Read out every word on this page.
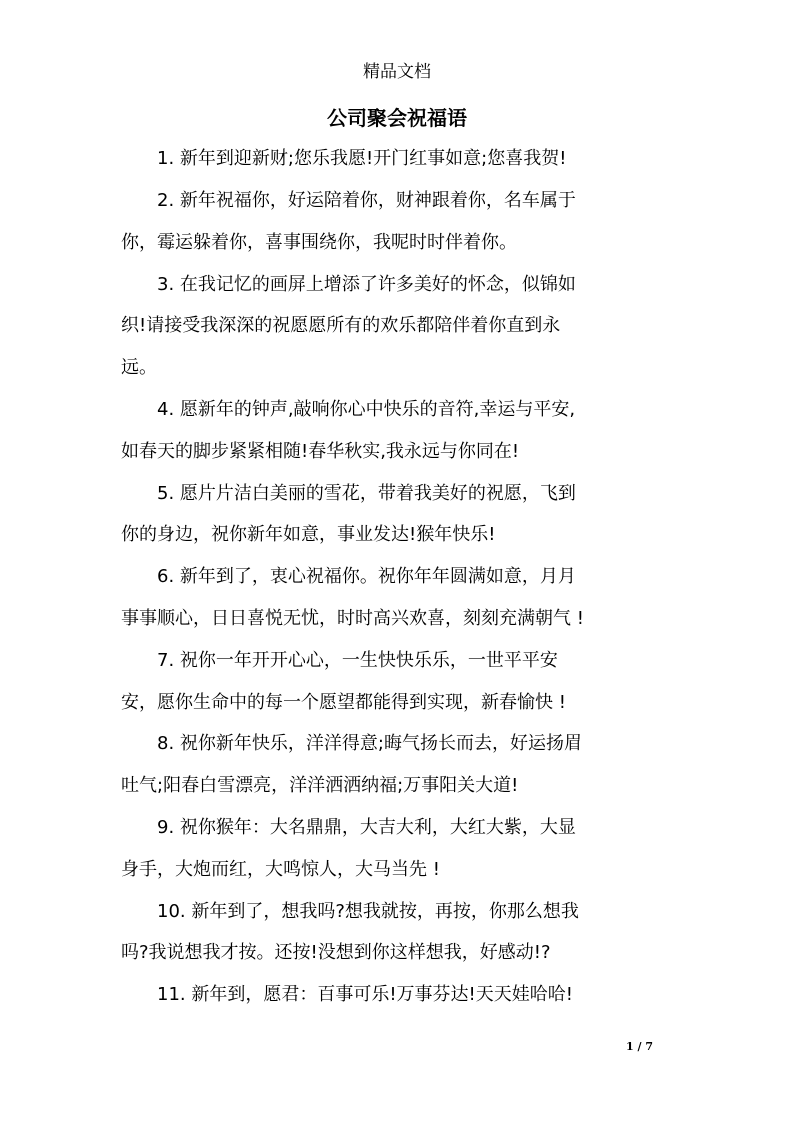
精品文档
公司聚会祝福语
　　1. 新年到迎新财;您乐我愿!开门红事如意;您喜我贺!
　　2. 新年祝福你，好运陪着你，财神跟着你，名车属于
你，霉运躲着你，喜事围绕你，我呢时时伴着你。
　　3. 在我记忆的画屏上增添了许多美好的怀念，似锦如
织!请接受我深深的祝愿愿所有的欢乐都陪伴着你直到永
远。
　　4. 愿新年的钟声,敲响你心中快乐的音符,幸运与平安,
如春天的脚步紧紧相随!春华秋实,我永远与你同在!
　　5. 愿片片洁白美丽的雪花，带着我美好的祝愿，飞到
你的身边，祝你新年如意，事业发达!猴年快乐!
　　6. 新年到了，衷心祝福你。祝你年年圆满如意，月月
事事顺心，日日喜悦无忧，时时高兴欢喜，刻刻充满朝气 !
　　7. 祝你一年开开心心，一生快快乐乐，一世平平安
安，愿你生命中的每一个愿望都能得到实现，新春愉快 !
　　8. 祝你新年快乐，洋洋得意;晦气扬长而去，好运扬眉
吐气;阳春白雪漂亮，洋洋洒洒纳福;万事阳关大道!
　　9. 祝你猴年：大名鼎鼎，大吉大利，大红大紫，大显
身手，大炮而红，大鸣惊人，大马当先 !
　　10. 新年到了，想我吗?想我就按，再按，你那么想我
吗?我说想我才按。还按!没想到你这样想我，好感动!?
　　11. 新年到，愿君：百事可乐!万事芬达!天天娃哈哈!
1 / 7
